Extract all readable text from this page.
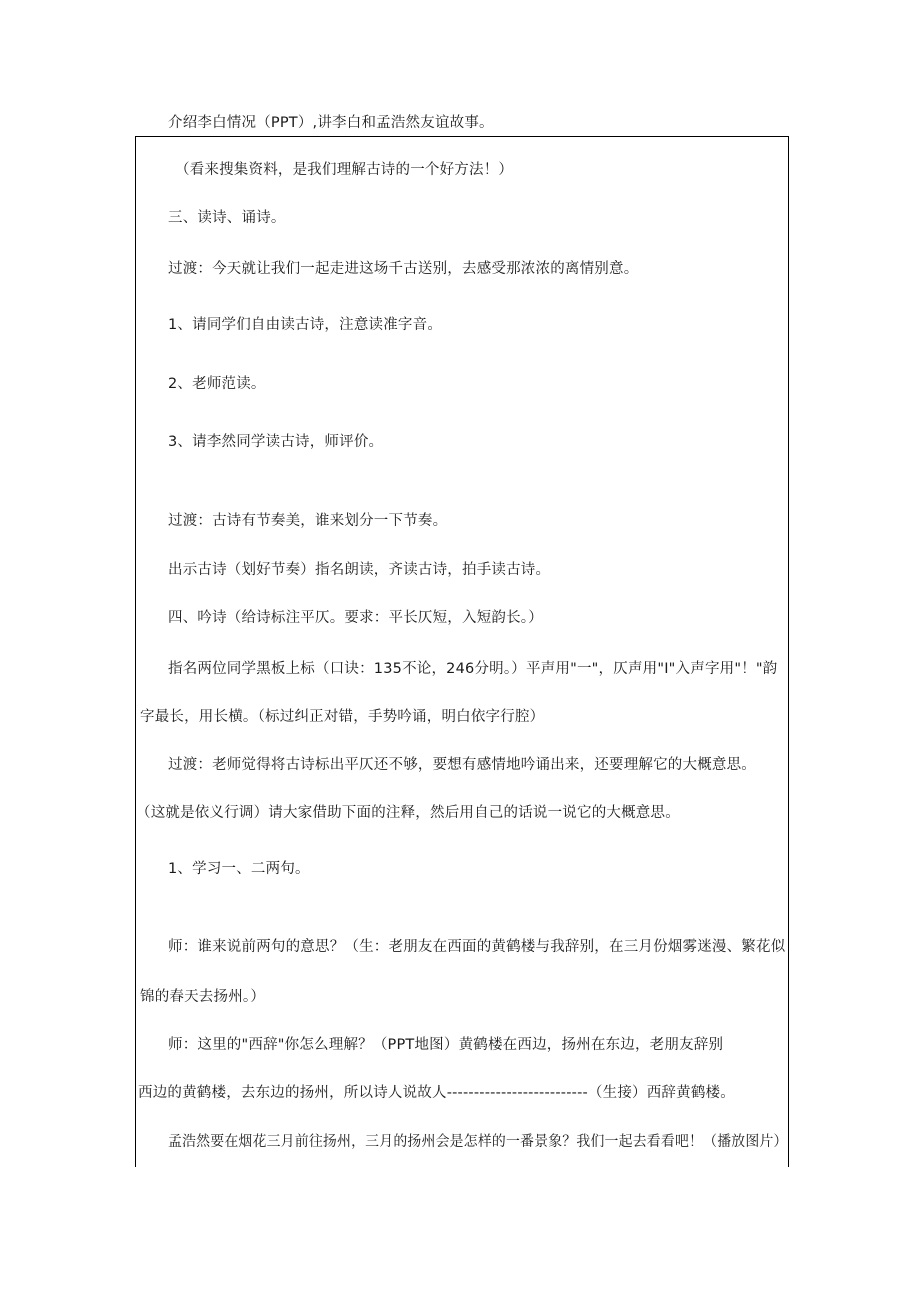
介绍李白情况（PPT）,讲李白和孟浩然友谊故事。
（看来搜集资料，是我们理解古诗的一个好方法！）
三、读诗、诵诗。
过渡：今天就让我们一起走进这场千古送别，去感受那浓浓的离情别意。
1、请同学们自由读古诗，注意读准字音。
2、老师范读。
3、请李然同学读古诗，师评价。
过渡：古诗有节奏美，谁来划分一下节奏。
出示古诗（划好节奏）指名朗读，齐读古诗，拍手读古诗。
四、吟诗（给诗标注平仄。要求：平长仄短，入短韵长。）
指名两位同学黑板上标（口诀：135不论，246分明。）平声用"一"，仄声用"I"入声字用"！"韵
字最长，用长横。（标过纠正对错，手势吟诵，明白依字行腔）
过渡：老师觉得将古诗标出平仄还不够，要想有感情地吟诵出来，还要理解它的大概意思。
（这就是依义行调）请大家借助下面的注释，然后用自己的话说一说它的大概意思。
1、学习一、二两句。
师：谁来说前两句的意思？（生：老朋友在西面的黄鹤楼与我辞别，在三月份烟雾迷漫、繁花似
锦的春天去扬州。）
师：这里的"西辞"你怎么理解？（PPT地图）黄鹤楼在西边，扬州在东边，老朋友辞别
西边的黄鹤楼，去东边的扬州，所以诗人说故人--------------------------（生接）西辞黄鹤楼。
孟浩然要在烟花三月前往扬州，三月的扬州会是怎样的一番景象？我们一起去看看吧！（播放图片）
